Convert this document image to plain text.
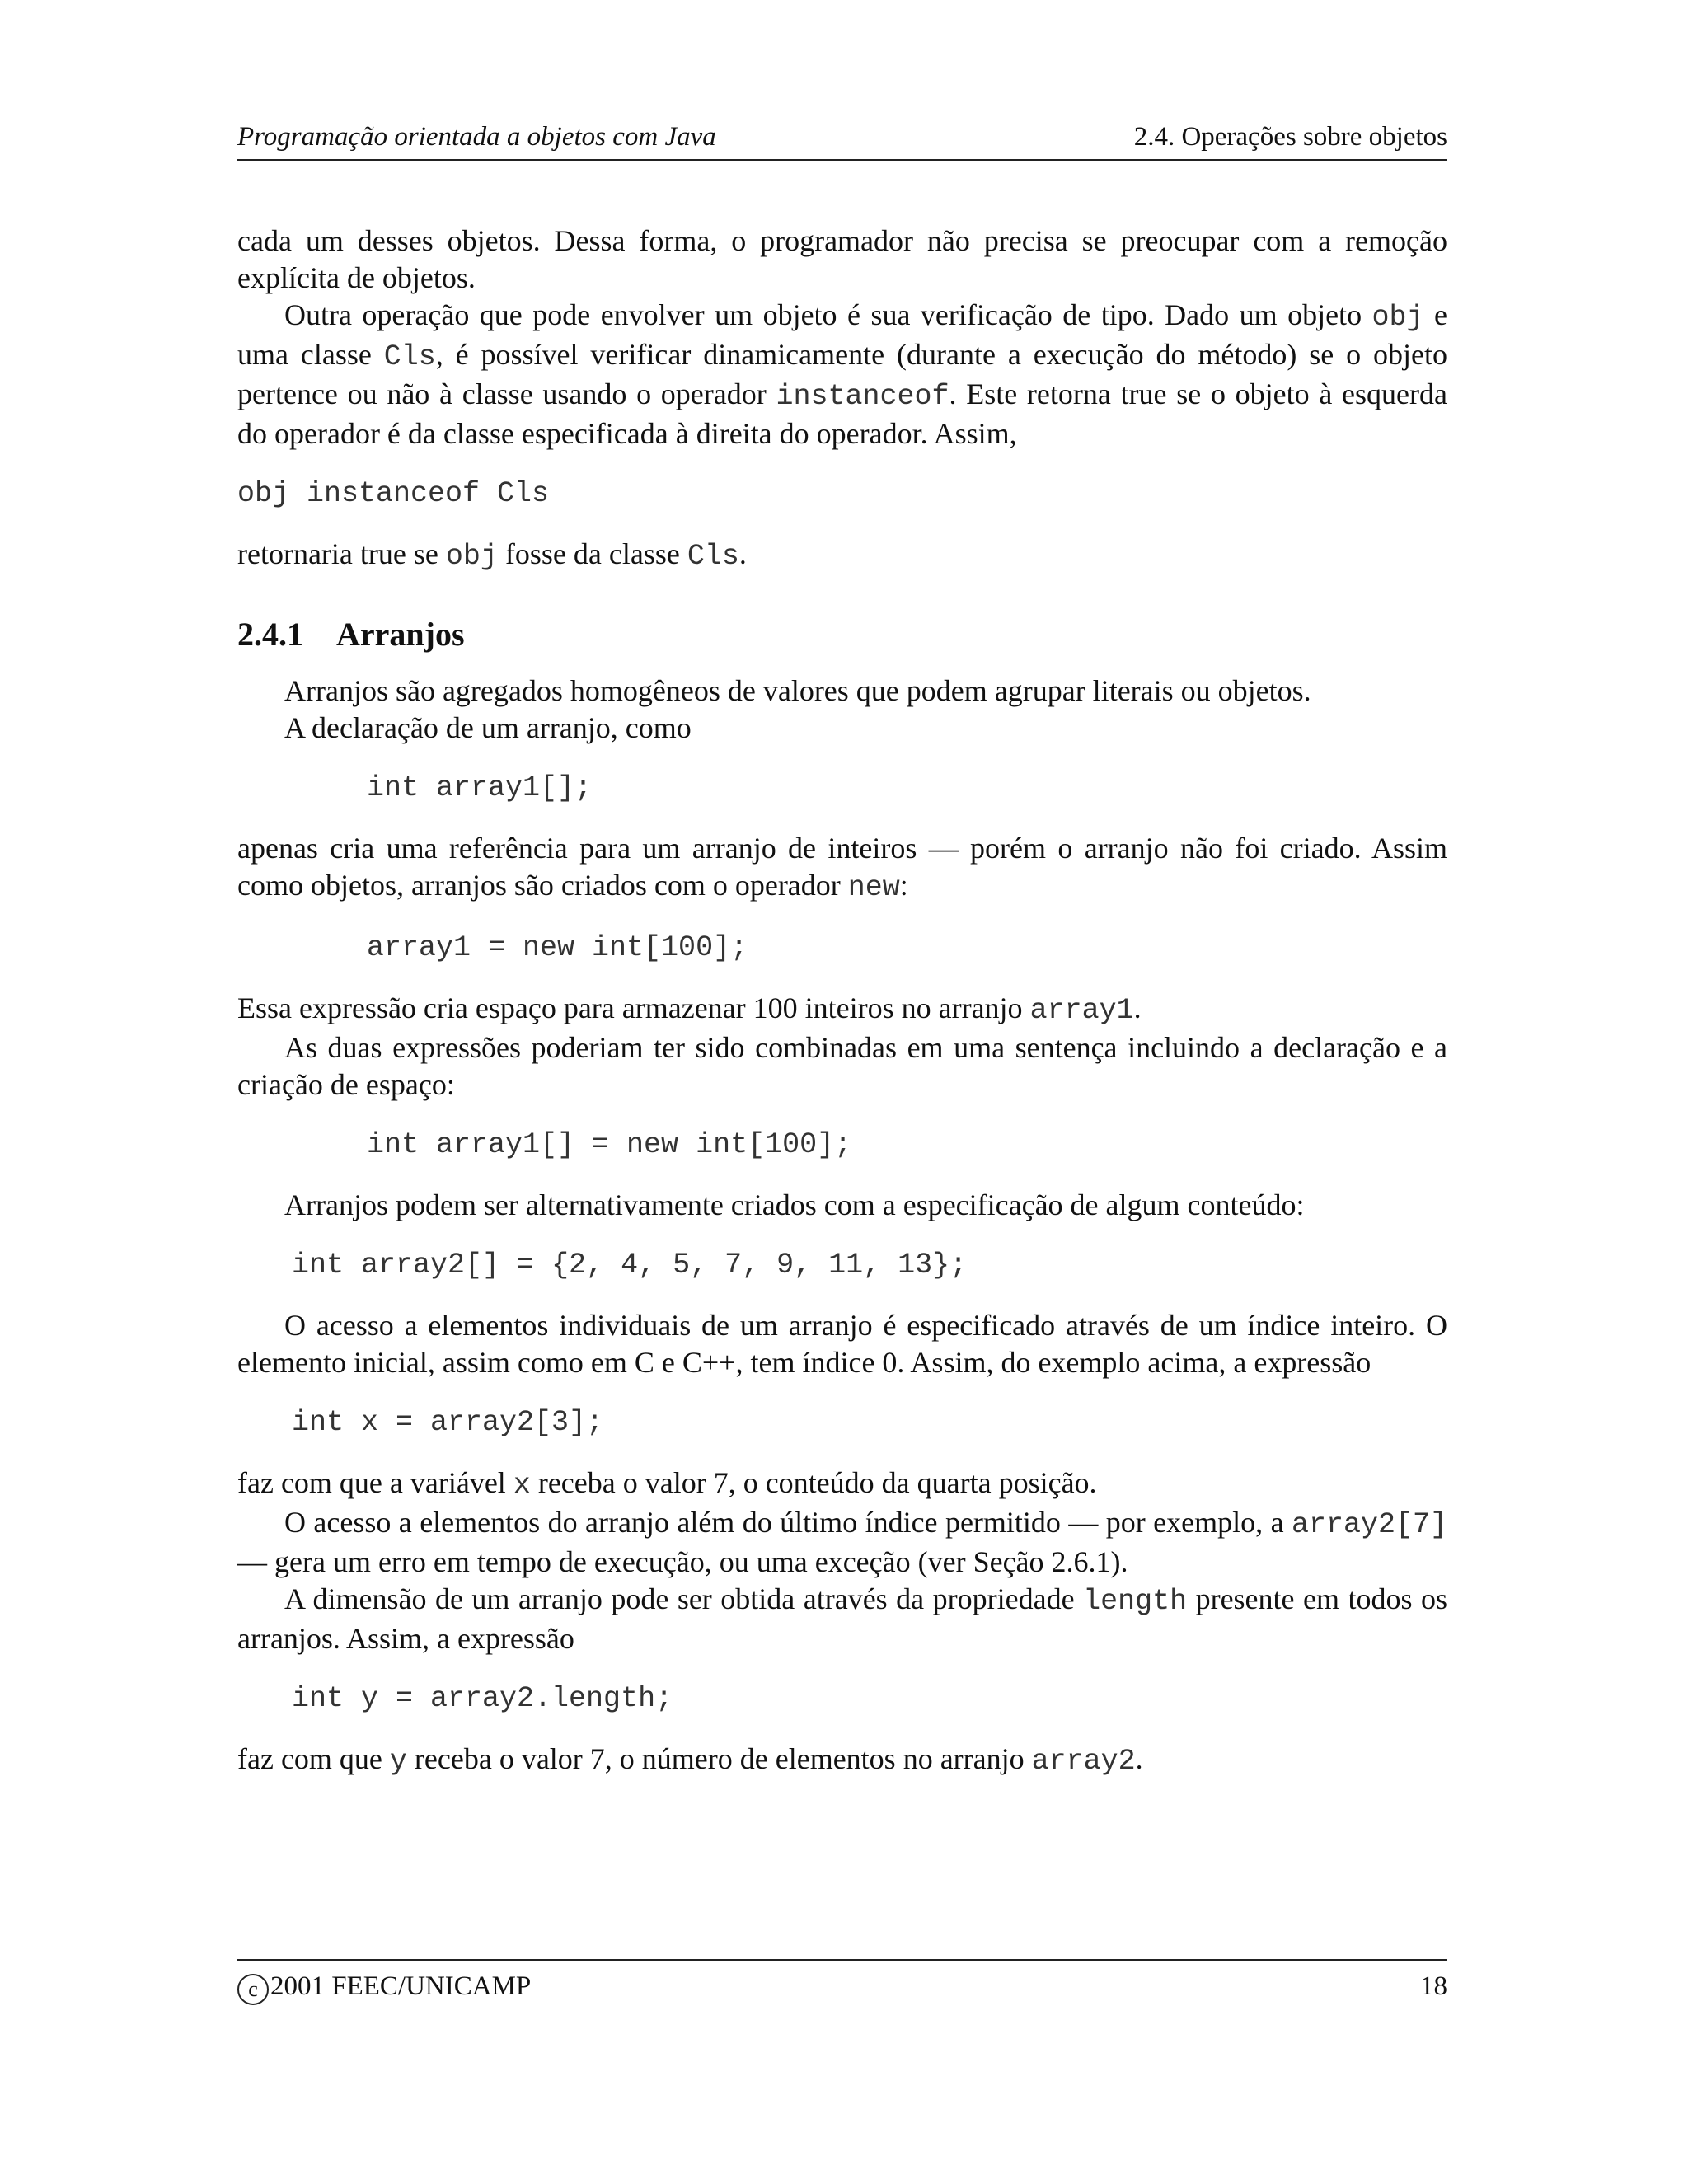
Programação orientada a objetos com Java	2.4. Operações sobre objetos

cada um desses objetos. Dessa forma, o programador não precisa se preocupar com a remoção explícita de objetos.

Outra operação que pode envolver um objeto é sua verificação de tipo. Dado um objeto obj e uma classe Cls, é possível verificar dinamicamente (durante a execução do método) se o objeto pertence ou não à classe usando o operador instanceof. Este retorna true se o objeto à esquerda do operador é da classe especificada à direita do operador. Assim,

obj instanceof Cls

retornaria true se obj fosse da classe Cls.

2.4.1 Arranjos

Arranjos são agregados homogêneos de valores que podem agrupar literais ou objetos.

A declaração de um arranjo, como

int array1[];

apenas cria uma referência para um arranjo de inteiros — porém o arranjo não foi criado. Assim como objetos, arranjos são criados com o operador new:

array1 = new int[100];

Essa expressão cria espaço para armazenar 100 inteiros no arranjo array1.

As duas expressões poderiam ter sido combinadas em uma sentença incluindo a declaração e a criação de espaço:

int array1[] = new int[100];

Arranjos podem ser alternativamente criados com a especificação de algum conteúdo:

int array2[] = {2, 4, 5, 7, 9, 11, 13};

O acesso a elementos individuais de um arranjo é especificado através de um índice inteiro. O elemento inicial, assim como em C e C++, tem índice 0. Assim, do exemplo acima, a expressão

int x = array2[3];

faz com que a variável x receba o valor 7, o conteúdo da quarta posição.

O acesso a elementos do arranjo além do último índice permitido — por exemplo, a array2[7] — gera um erro em tempo de execução, ou uma exceção (ver Seção 2.6.1).

A dimensão de um arranjo pode ser obtida através da propriedade length presente em todos os arranjos. Assim, a expressão

int y = array2.length;

faz com que y receba o valor 7, o número de elementos no arranjo array2.

c 2001 FEEC/UNICAMP	18
